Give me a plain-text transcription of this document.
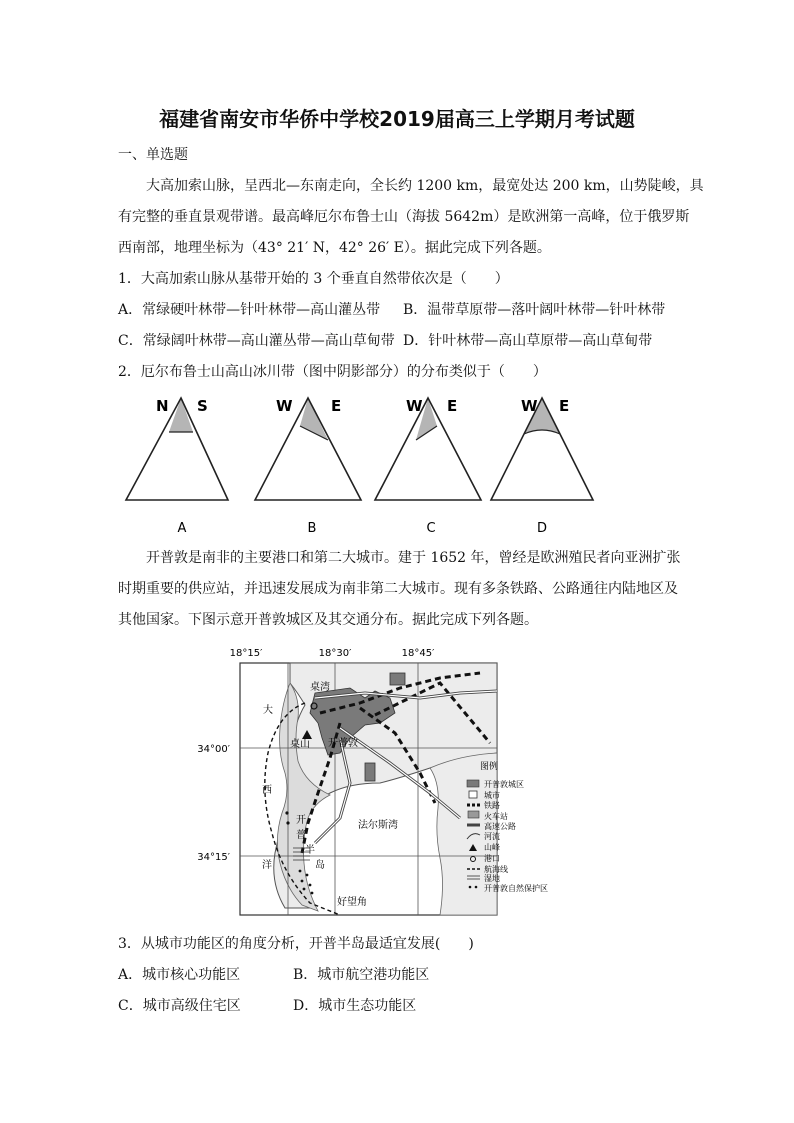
福建省南安市华侨中学校2019届高三上学期月考试题
一、单选题
大高加索山脉，呈西北—东南走向，全长约 1200 km，最宽处达 200 km，山势陡峻，具
有完整的垂直景观带谱。最高峰厄尔布鲁士山（海拔 5642m）是欧洲第一高峰，位于俄罗斯
西南部，地理坐标为（43° 21′ N，42° 26′ E）。据此完成下列各题。
1．大高加索山脉从基带开始的 3 个垂直自然带依次是（　　）
A．常绿硬叶林带—针叶林带—高山灌丛带 B．温带草原带—落叶阔叶林带—针叶林带
C．常绿阔叶林带—高山灌丛带—高山草甸带 D．针叶林带—高山草原带—高山草甸带
2．厄尔布鲁士山高山冰川带（图中阴影部分）的分布类似于（　　）
N S
A
W	E
B
W E
C
W E
D
开普敦是南非的主要港口和第二大城市。建于 1652 年，曾经是欧洲殖民者向亚洲扩张
时期重要的供应站，并迅速发展成为南非第二大城市。现有多条铁路、公路通往内陆地区及
其他国家。下图示意开普敦城区及其交通分布。据此完成下列各题。
18°15′	18°30′	18°45′
34°00′
34°15′
桌湾
大
桌山 开普敦
西
开
普
半
岛
洋
法尔斯湾
好望角
图例
开普敦城区
城市
铁路
火车站
高速公路
河流
山峰
港口
航海线
湿地
开普敦自然保护区
3．从城市功能区的角度分析，开普半岛最适宜发展(　　)
A．城市核心功能区	B．城市航空港功能区
C．城市高级住宅区	D．城市生态功能区
